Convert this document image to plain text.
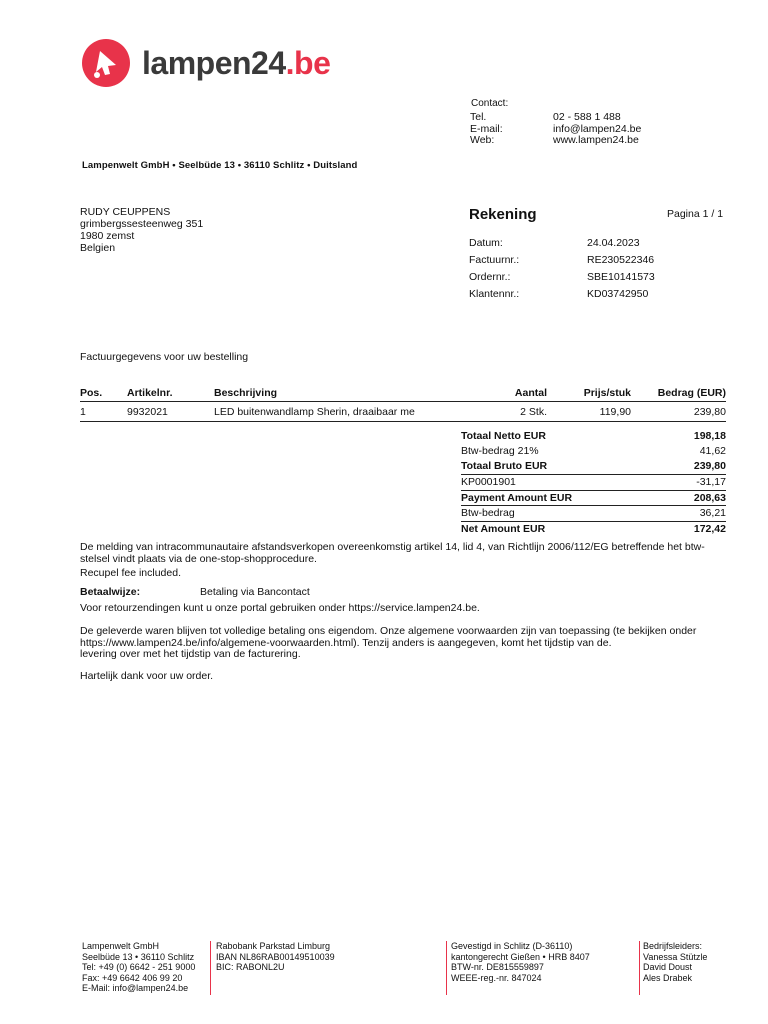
lampen24.be
Contact:
Tel.	02 - 588 1 488
E-mail:	info@lampen24.be
Web:	www.lampen24.be
Lampenwelt GmbH • Seelbüde 13 • 36110 Schlitz • Duitsland
RUDY CEUPPENS
grimbergssesteenweg 351
1980 zemst
Belgien
Rekening	Pagina 1 / 1
Datum:	24.04.2023
Factuurnr.:	RE230522346
Ordernr.:	SBE10141573
Klantennr.:	KD03742950
Factuurgegevens voor uw bestelling
Pos.	Artikelnr.	Beschrijving	Aantal	Prijs/stuk	Bedrag (EUR)
1	9932021	LED buitenwandlamp Sherin, draaibaar me	2 Stk.	119,90	239,80
Totaal Netto EUR	198,18
Btw-bedrag 21%	41,62
Totaal Bruto EUR	239,80
KP0001901	-31,17
Payment Amount EUR	208,63
Btw-bedrag	36,21
Net Amount EUR	172,42
De melding van intracommunautaire afstandsverkopen overeenkomstig artikel 14, lid 4, van Richtlijn 2006/112/EG betreffende het btw-stelsel vindt plaats via de one-stop-shopprocedure.
Recupel fee included.
Betaalwijze:	Betaling via Bancontact
Voor retourzendingen kunt u onze portal gebruiken onder https://service.lampen24.be.
De geleverde waren blijven tot volledige betaling ons eigendom. Onze algemene voorwaarden zijn van toepassing (te bekijken onder
https://www.lampen24.be/info/algemene-voorwaarden.html). Tenzij anders is aangegeven, komt het tijdstip van de.
levering over met het tijdstip van de facturering.
Hartelijk dank voor uw order.
Lampenwelt GmbH
Seelbüde 13 • 36110 Schlitz
Tel: +49 (0) 6642 - 251 9000
Fax: +49 6642 406 99 20
E-Mail: info@lampen24.be
Rabobank Parkstad Limburg
IBAN NL86RAB00149510039
BIC: RABONL2U
Gevestigd in Schlitz (D-36110)
kantongerecht Gießen • HRB 8407
BTW-nr. DE815559897
WEEE-reg.-nr. 847024
Bedrijfsleiders:
Vanessa Stützle
David Doust
Ales Drabek
